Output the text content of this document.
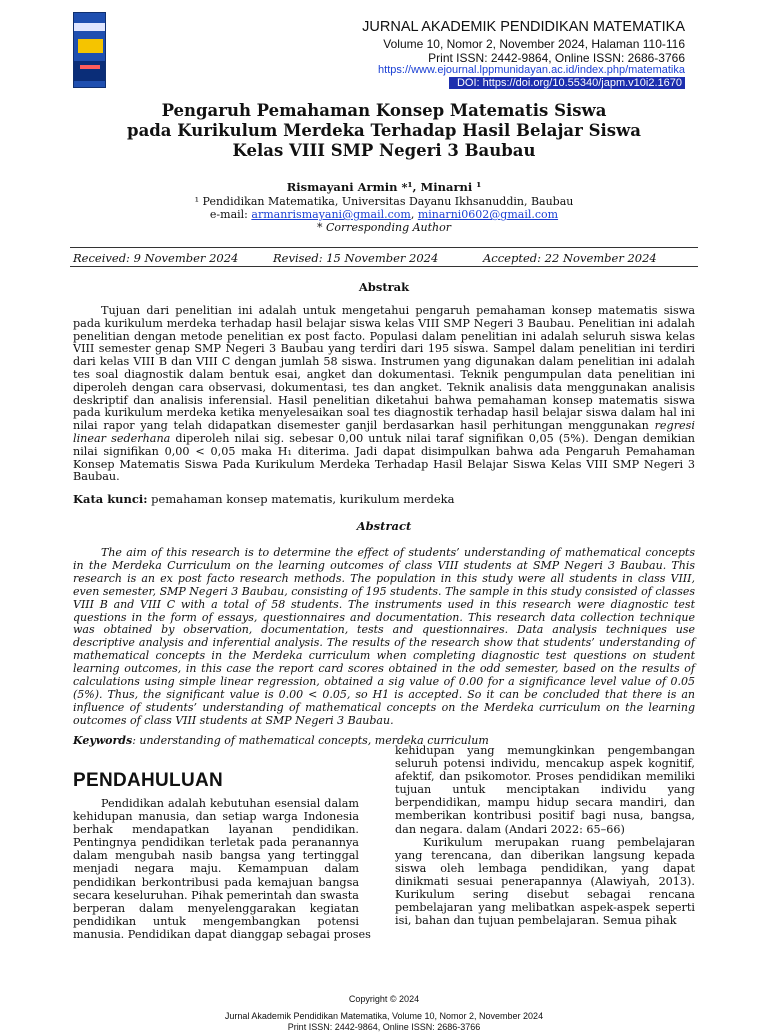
JURNAL AKADEMIK PENDIDIKAN MATEMATIKA
Volume 10, Nomor 2, November 2024, Halaman 110-116
Print ISSN: 2442-9864, Online ISSN: 2686-3766
https://www.ejournal.lppmunidayan.ac.id/index.php/matematika
DOI: https://doi.org/10.55340/japm.v10i2.1670
Pengaruh Pemahaman Konsep Matematis Siswa
pada Kurikulum Merdeka Terhadap Hasil Belajar Siswa
Kelas VIII SMP Negeri 3 Baubau
Rismayani Armin *¹, Minarni ¹
¹ Pendidikan Matematika, Universitas Dayanu Ikhsanuddin, Baubau
e-mail: armanrismayani@gmail.com, minarni0602@gmail.com
* Corresponding Author
Received: 9 November 2024	Revised: 15 November 2024	Accepted: 22 November 2024
Abstrak
Tujuan dari penelitian ini adalah untuk mengetahui pengaruh pemahaman konsep matematis siswa pada kurikulum merdeka terhadap hasil belajar siswa kelas VIII SMP Negeri 3 Baubau. Penelitian ini adalah penelitian dengan metode penelitian ex post facto. Populasi dalam penelitian ini adalah seluruh siswa kelas VIII semester genap SMP Negeri 3 Baubau yang terdiri dari 195 siswa. Sampel dalam penelitian ini terdiri dari kelas VIII B dan VIII C dengan jumlah 58 siswa. Instrumen yang digunakan dalam penelitian ini adalah tes soal diagnostik dalam bentuk esai, angket dan dokumentasi. Teknik pengumpulan data penelitian ini diperoleh dengan cara observasi, dokumentasi, tes dan angket. Teknik analisis data menggunakan analisis deskriptif dan analisis inferensial. Hasil penelitian diketahui bahwa pemahaman konsep matematis siswa pada kurikulum merdeka ketika menyelesaikan soal tes diagnostik terhadap hasil belajar siswa dalam hal ini nilai rapor yang telah didapatkan disemester ganjil berdasarkan hasil perhitungan menggunakan regresi linear sederhana diperoleh nilai sig. sebesar 0,00 untuk nilai taraf signifikan 0,05 (5%). Dengan demikian nilai signifikan 0,00 < 0,05 maka H₁ diterima. Jadi dapat disimpulkan bahwa ada Pengaruh Pemahaman Konsep Matematis Siswa Pada Kurikulum Merdeka Terhadap Hasil Belajar Siswa Kelas VIII SMP Negeri 3 Baubau.
Kata kunci: pemahaman konsep matematis, kurikulum merdeka
Abstract
The aim of this research is to determine the effect of students’ understanding of mathematical concepts in the Merdeka Curriculum on the learning outcomes of class VIII students at SMP Negeri 3 Baubau. This research is an ex post facto research methods. The population in this study were all students in class VIII, even semester, SMP Negeri 3 Baubau, consisting of 195 students. The sample in this study consisted of classes VIII B and VIII C with a total of 58 students. The instruments used in this research were diagnostic test questions in the form of essays, questionnaires and documentation. This research data collection technique was obtained by observation, documentation, tests and questionnaires. Data analysis techniques use descriptive analysis and inferential analysis. The results of the research show that students’ understanding of mathematical concepts in the Merdeka curriculum when completing diagnostic test questions on student learning outcomes, in this case the report card scores obtained in the odd semester, based on the results of calculations using simple linear regression, obtained a sig value of 0.00 for a significance level value of 0.05 (5%). Thus, the significant value is 0.00 < 0.05, so H1 is accepted. So it can be concluded that there is an influence of students’ understanding of mathematical concepts on the Merdeka curriculum on the learning outcomes of class VIII students at SMP Negeri 3 Baubau.
Keywords: understanding of mathematical concepts, merdeka curriculum
PENDAHULUAN
Pendidikan adalah kebutuhan esensial dalam
kehidupan manusia, dan setiap warga Indonesia
berhak mendapatkan layanan pendidikan.
Pentingnya pendidikan terletak pada peranannya
dalam mengubah nasib bangsa yang tertinggal
menjadi negara maju. Kemampuan dalam
pendidikan berkontribusi pada kemajuan bangsa
secara keseluruhan. Pihak pemerintah dan swasta
berperan dalam menyelenggarakan kegiatan
pendidikan untuk mengembangkan potensi
manusia. Pendidikan dapat dianggap sebagai proses
kehidupan yang memungkinkan pengembangan
seluruh potensi individu, mencakup aspek kognitif,
afektif, dan psikomotor. Proses pendidikan memiliki
tujuan untuk menciptakan individu yang
berpendidikan, mampu hidup secara mandiri, dan
memberikan kontribusi positif bagi nusa, bangsa,
dan negara. dalam (Andari 2022: 65–66)
Kurikulum merupakan ruang pembelajaran
yang terencana, dan diberikan langsung kepada
siswa oleh lembaga pendidikan, yang dapat
dinikmati sesuai penerapannya (Alawiyah, 2013).
Kurikulum sering disebut sebagai rencana
pembelajaran yang melibatkan aspek-aspek seperti
isi, bahan dan tujuan pembelajaran. Semua pihak
Copyright © 2024
Jurnal Akademik Pendidikan Matematika, Volume 10, Nomor 2, November 2024
Print ISSN: 2442-9864, Online ISSN: 2686-3766
